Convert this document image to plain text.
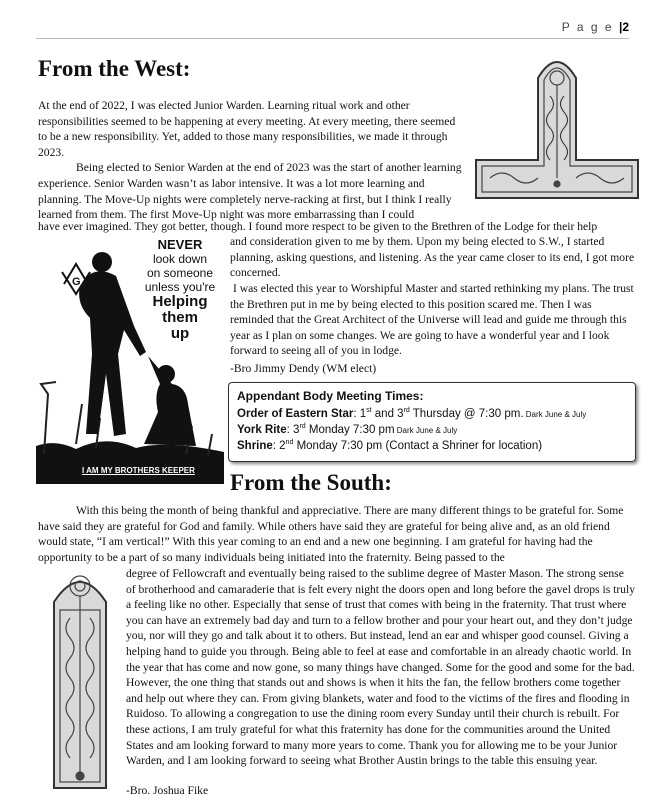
P a g e |2
From the West:

At the end of 2022, I was elected Junior Warden. Learning ritual work and other responsibilities seemed to be happening at every meeting. At every meeting, there seemed to be a new responsibility. Yet, added to those many responsibilities, we made it through 2023.

Being elected to Senior Warden at the end of 2023 was the start of another learning experience. Senior Warden wasn’t as labor intensive. It was a lot more learning and planning. The Move-Up nights were completely nerve-racking at first, but I think I really learned from them. The first Move-Up night was more embarrassing than I could

have ever imagined. They got better, though. I found more respect to be given to the Brethren of the Lodge for their help

and consideration given to me by them. Upon my being elected to S.W., I started planning, asking questions, and listening. As the year came closer to its end, I got more concerned.

I was elected this year to Worshipful Master and started rethinking my plans. The trust the Brethren put in me by being elected to this position scared me. Then I was reminded that the Great Architect of the Universe will lead and guide me through this year as I plan on some changes. We are going to have a wonderful year and I look forward to seeing all of you in lodge.

-Bro Jimmy Dendy (WM elect)

NEVER
look down
on someone
unless you're
Helping
them
up
G
I AM MY BROTHERS KEEPER
Appendant Body Meeting Times:
Order of Eastern Star: 1st and 3rd Thursday @ 7:30 pm. Dark June & July
York Rite: 3rd Monday 7:30 pm Dark June & July
Shrine: 2nd Monday 7:30 pm (Contact a Shriner for location)
From the South:

With this being the month of being thankful and appreciative. There are many different things to be grateful for. Some have said they are grateful for God and family. While others have said they are grateful for being alive and, as an old friend would state, “I am vertical!” With this year coming to an end and a new one beginning. I am grateful for having had the opportunity to be a part of so many individuals being initiated into the fraternity. Being passed to the

degree of Fellowcraft and eventually being raised to the sublime degree of Master Mason. The strong sense of brotherhood and camaraderie that is felt every night the doors open and long before the gavel drops is truly a feeling like no other. Especially that sense of trust that comes with being in the fraternity. That trust where you can have an extremely bad day and turn to a fellow brother and pour your heart out, and they don’t judge you, nor will they go and talk about it to others. But instead, lend an ear and whisper good counsel. Giving a helping hand to guide you through. Being able to feel at ease and comfortable in an already chaotic world. In the year that has come and now gone, so many things have changed. Some for the good and some for the bad. However, the one thing that stands out and shows is when it hits the fan, the fellow brothers come together and help out where they can. From giving blankets, water and food to the victims of the fires and flooding in Ruidoso. To allowing a congregation to use the dining room every Sunday until their church is rebuilt. For these actions, I am truly grateful for what this fraternity has done for the communities around the United States and am looking forward to many more years to come. Thank you for allowing me to be your Junior Warden, and I am looking forward to seeing what Brother Austin brings to the table this ensuing year.

-Bro. Joshua Fike
